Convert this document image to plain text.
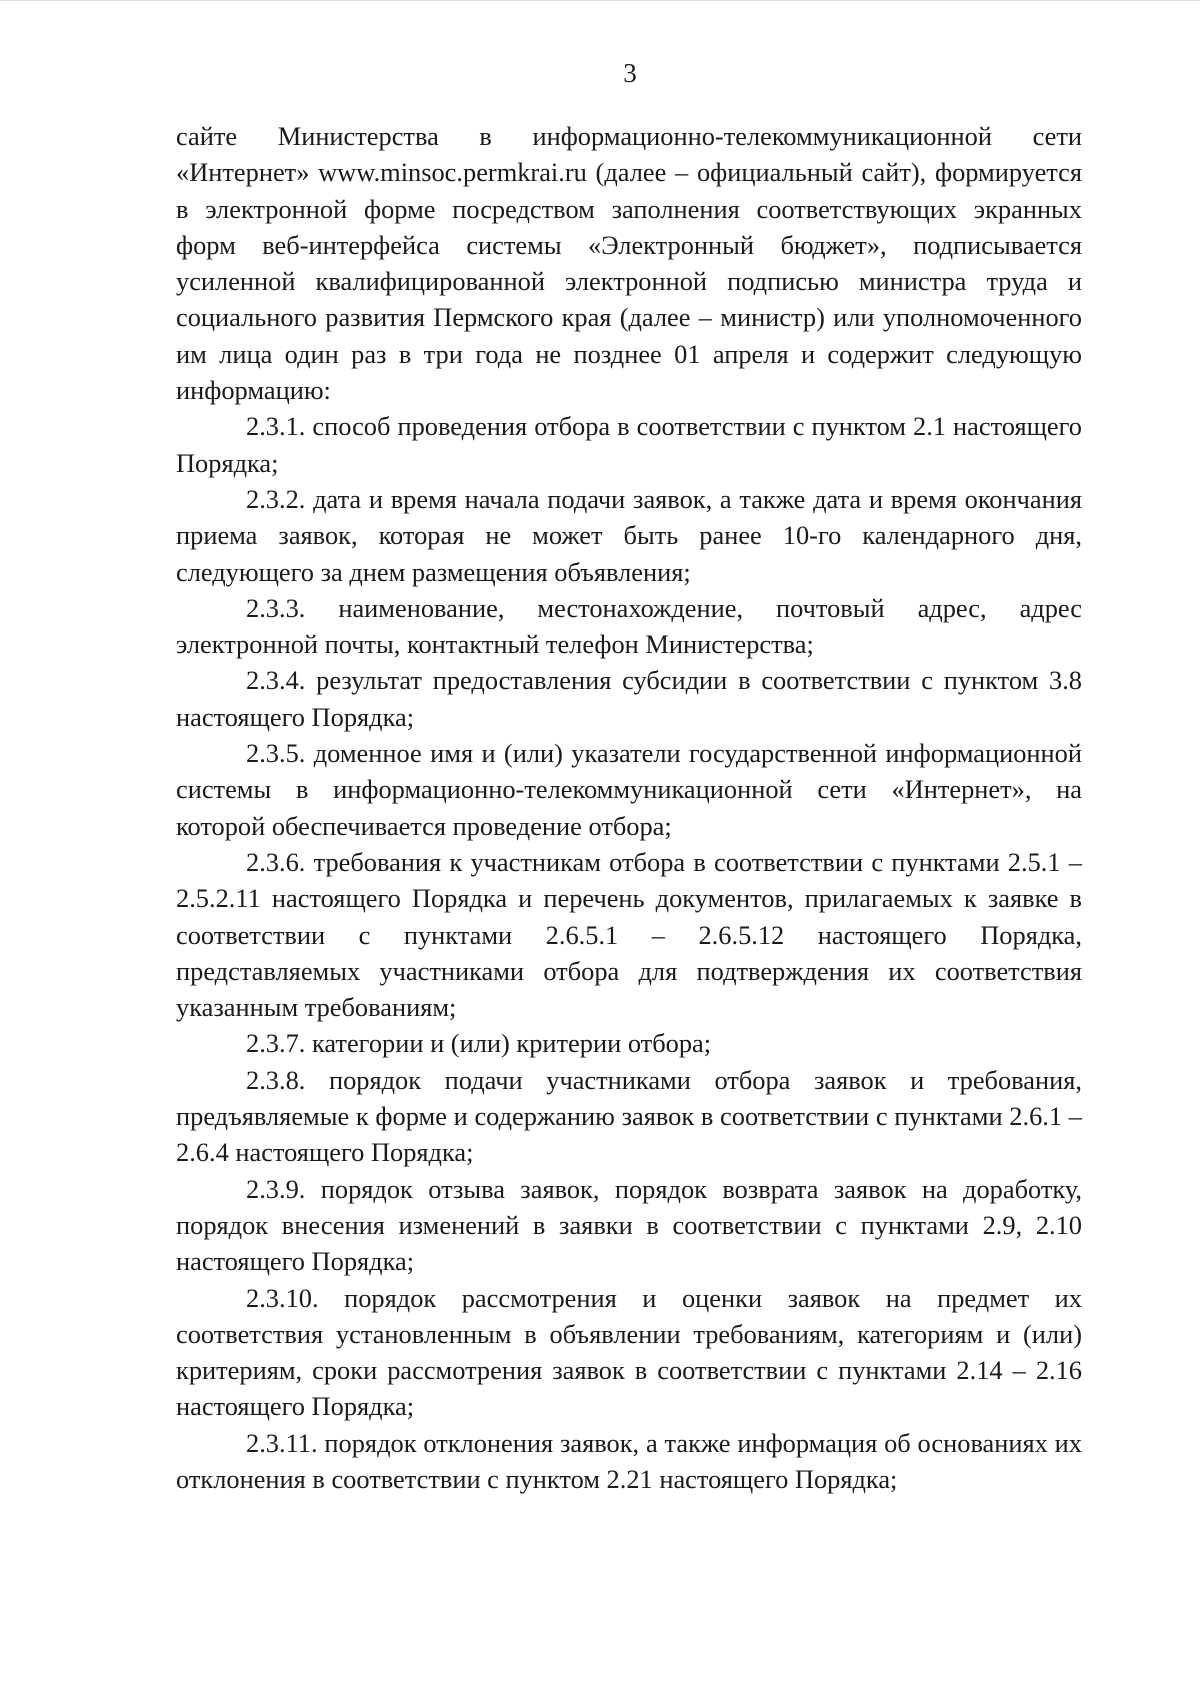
3

сайте Министерства в информационно-телекоммуникационной сети «Интернет» www.minsoc.permkrai.ru (далее – официальный сайт), формируется в электронной форме посредством заполнения соответствующих экранных форм веб-интерфейса системы «Электронный бюджет», подписывается усиленной квалифицированной электронной подписью министра труда и социального развития Пермского края (далее – министр) или уполномоченного им лица один раз в три года не позднее 01 апреля и содержит следующую информацию:

2.3.1. способ проведения отбора в соответствии с пунктом 2.1 настоящего Порядка;

2.3.2. дата и время начала подачи заявок, а также дата и время окончания приема заявок, которая не может быть ранее 10-го календарного дня, следующего за днем размещения объявления;

2.3.3. наименование, местонахождение, почтовый адрес, адрес электронной почты, контактный телефон Министерства;

2.3.4. результат предоставления субсидии в соответствии с пунктом 3.8 настоящего Порядка;

2.3.5. доменное имя и (или) указатели государственной информационной системы в информационно-телекоммуникационной сети «Интернет», на которой обеспечивается проведение отбора;

2.3.6. требования к участникам отбора в соответствии с пунктами 2.5.1 – 2.5.2.11 настоящего Порядка и перечень документов, прилагаемых к заявке в соответствии с пунктами 2.6.5.1 – 2.6.5.12 настоящего Порядка, представляемых участниками отбора для подтверждения их соответствия указанным требованиям;

2.3.7. категории и (или) критерии отбора;

2.3.8. порядок подачи участниками отбора заявок и требования, предъявляемые к форме и содержанию заявок в соответствии с пунктами 2.6.1 – 2.6.4 настоящего Порядка;

2.3.9. порядок отзыва заявок, порядок возврата заявок на доработку, порядок внесения изменений в заявки в соответствии с пунктами 2.9, 2.10 настоящего Порядка;

2.3.10. порядок рассмотрения и оценки заявок на предмет их соответствия установленным в объявлении требованиям, категориям и (или) критериям, сроки рассмотрения заявок в соответствии с пунктами 2.14 – 2.16 настоящего Порядка;

2.3.11. порядок отклонения заявок, а также информация об основаниях их отклонения в соответствии с пунктом 2.21 настоящего Порядка;
